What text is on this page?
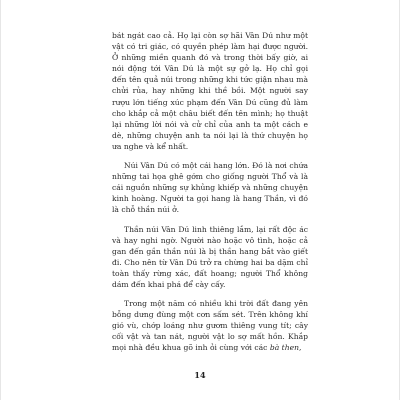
bát ngát cao cả. Họ lại còn sợ hãi Vân Dú như một vật có tri giác, có quyền phép làm hại được người. Ở những miền quanh đó và trong thời bấy giờ, ai nói động tới Vân Dú là một sự gở lạ. Họ chỉ gọi đến tên quả núi trong những khi tức giận nhau mà chửi rủa, hay những khi thề bồi. Một người say rượu lớn tiếng xúc phạm đến Vân Dú cũng đủ làm cho khắp cả một châu biết đến tên mình; họ thuật lại những lời nói và cử chỉ của anh ta một cách e dè, những chuyện anh ta nói lại là thứ chuyện họ ưa nghe và kể nhất.

Núi Vân Dú có một cái hang lớn. Đó là nơi chứa những tai họa ghê gớm cho giống người Thổ và là cái nguồn những sự khủng khiếp và những chuyện kinh hoàng. Người ta gọi hang là hang Thần, vì đó là chỗ thần núi ở.

Thần núi Vân Dú linh thiêng lắm, lại rất độc ác và hay nghi ngờ. Người nào hoặc vô tình, hoặc cả gan đến gần thần núi là bị thần hang bắt vào giết đi. Cho nên từ Vân Dú trở ra chừng hai ba dặm chỉ toàn thấy rừng xác, đất hoang; người Thổ không dám đến khai phá để cày cấy.

Trong một năm có nhiều khi trời đất đang yên bỗng dưng đùng một cơn sấm sét. Trên không khí gió vù, chớp loáng như gươm thiêng vung tít; cây cối vật và tan nát, người vật lo sợ mất hồn. Khắp mọi nhà đều khua gõ inh ỏi cùng với các bà then,

14
